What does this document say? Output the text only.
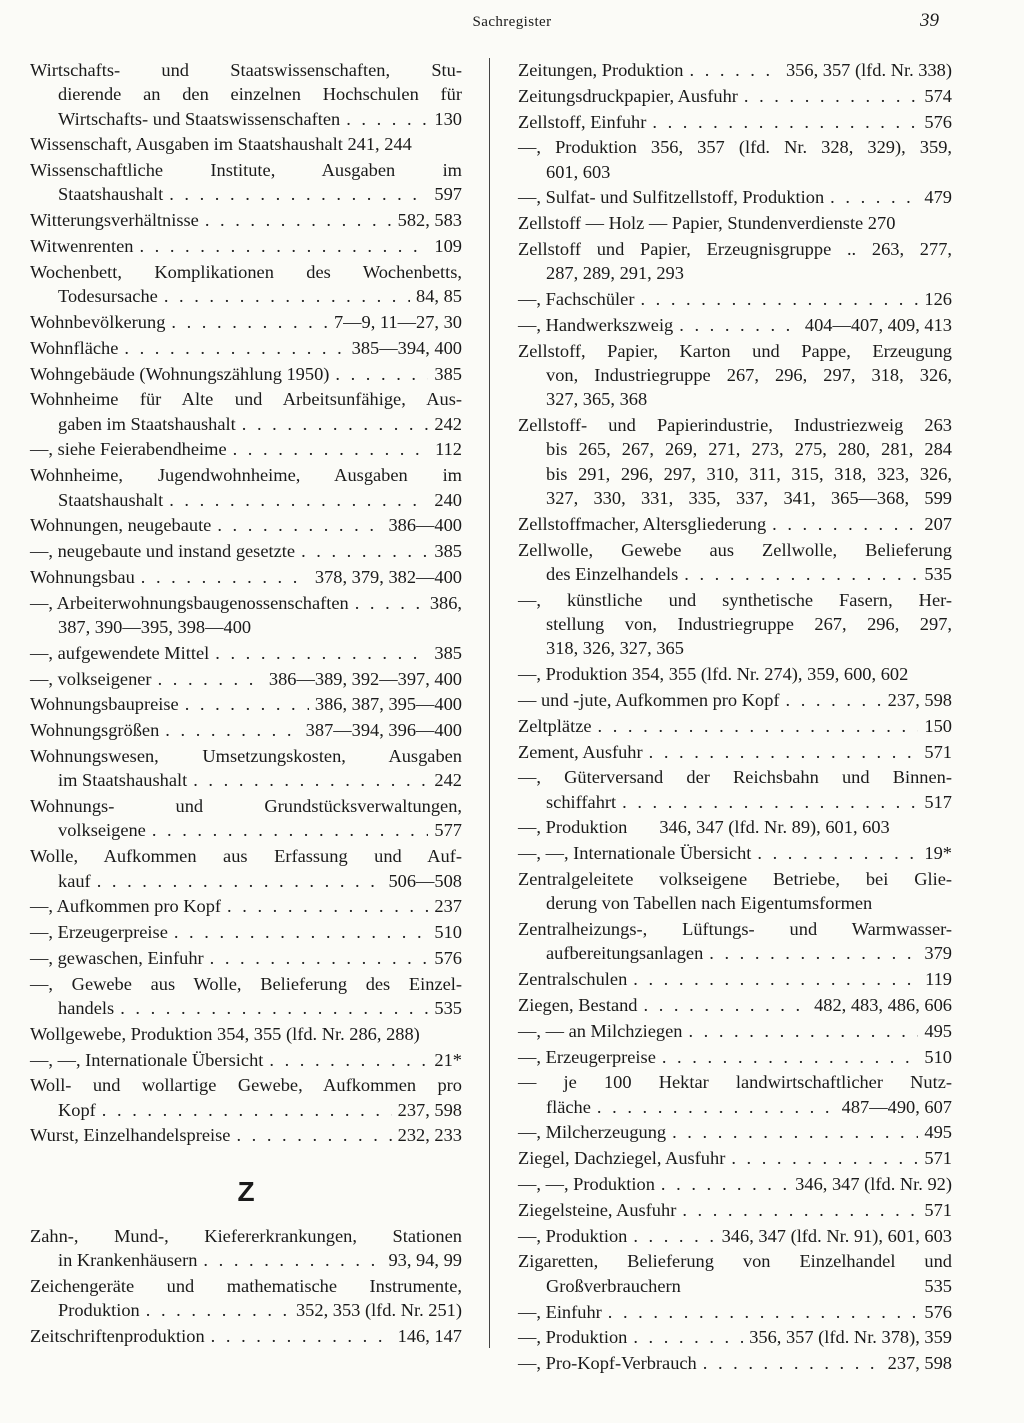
Sachregister	39
Wirtschafts- und Staatswissenschaften, Stu-
dierende an den einzelnen Hochschulen für
Wirtschafts- und Staatswissenschaften . . .	130
Wissenschaft, Ausgaben im Staatshaushalt 241, 244
Wissenschaftliche Institute, Ausgaben im
Staatshaushalt . . .	597
Witterungsverhältnisse . . .	582, 583
Witwenrenten . . .	109
Wochenbett, Komplikationen des Wochenbetts,
Todesursache . . .	84, 85
Wohnbevölkerung . . .	7—9, 11—27, 30
Wohnfläche . . .	385—394, 400
Wohngebäude (Wohnungszählung 1950) . . .	385
Wohnheime für Alte und Arbeitsunfähige, Aus-
gaben im Staatshaushalt . . .	242
—, siehe Feierabendheime . . .	112
Wohnheime, Jugendwohnheime, Ausgaben im
Staatshaushalt . . .	240
Wohnungen, neugebaute . . .	386—400
—, neugebaute und instand gesetzte . . .	385
Wohnungsbau . . .	378, 379, 382—400
—, Arbeiterwohnungsbaugenossenschaften . . .	386,
387, 390—395, 398—400
—, aufgewendete Mittel . . .	385
—, volkseigener . . .	386—389, 392—397, 400
Wohnungsbaupreise . . .	386, 387, 395—400
Wohnungsgrößen . . .	387—394, 396—400
Wohnungswesen, Umsetzungskosten, Ausgaben
im Staatshaushalt . . .	242
Wohnungs- und Grundstücksverwaltungen,
volkseigene . . .	577
Wolle, Aufkommen aus Erfassung und Auf-
kauf . . .	506—508
—, Aufkommen pro Kopf . . .	237
—, Erzeugerpreise . . .	510
—, gewaschen, Einfuhr . . .	576
—, Gewebe aus Wolle, Belieferung des Einzel-
handels . . .	535
Wollgewebe, Produktion 354, 355 (lfd. Nr. 286, 288)
—, —, Internationale Übersicht . . .	21*
Woll- und wollartige Gewebe, Aufkommen pro
Kopf . . .	237, 598
Wurst, Einzelhandelspreise . . .	232, 233
Z
Zahn-, Mund-, Kiefererkrankungen, Stationen
in Krankenhäusern . . .	93, 94, 99
Zeichengeräte und mathematische Instrumente,
Produktion . . .	352, 353 (lfd. Nr. 251)
Zeitschriftenproduktion . . .	146, 147
Zeitungen, Produktion . . .	356, 357 (lfd. Nr. 338)
Zeitungsdruckpapier, Ausfuhr . . .	574
Zellstoff, Einfuhr . . .	576
—, Produktion 356, 357 (lfd. Nr. 328, 329), 359,
601, 603
—, Sulfat- und Sulfitzellstoff, Produktion . . .	479
Zellstoff — Holz — Papier, Stundenverdienste 270
Zellstoff und Papier, Erzeugnisgruppe .. 263, 277,
287, 289, 291, 293
—, Fachschüler . . .	126
—, Handwerkszweig . . .	404—407, 409, 413
Zellstoff, Papier, Karton und Pappe, Erzeugung
von, Industriegruppe 267, 296, 297, 318, 326,
327, 365, 368
Zellstoff- und Papierindustrie, Industriezweig 263
bis 265, 267, 269, 271, 273, 275, 280, 281, 284
bis 291, 296, 297, 310, 311, 315, 318, 323, 326,
327, 330, 331, 335, 337, 341, 365—368, 599
Zellstoffmacher, Altersgliederung . . .	207
Zellwolle, Gewebe aus Zellwolle, Belieferung
des Einzelhandels . . .	535
—, künstliche und synthetische Fasern, Her-
stellung von, Industriegruppe 267, 296, 297,
318, 326, 327, 365
—, Produktion 354, 355 (lfd. Nr. 274), 359, 600, 602
— und -jute, Aufkommen pro Kopf . . .	237, 598
Zeltplätze . . .	150
Zement, Ausfuhr . . .	571
—, Güterversand der Reichsbahn und Binnen-
schiffahrt . . .	517
—, Produktion 346, 347 (lfd. Nr. 89), 601, 603
—, —, Internationale Übersicht . . .	19*
Zentralgeleitete volkseigene Betriebe, bei Glie-
derung von Tabellen nach Eigentumsformen
Zentralheizungs-, Lüftungs- und Warmwasser-
aufbereitungsanlagen . . .	379
Zentralschulen . . .	119
Ziegen, Bestand . . .	482, 483, 486, 606
—, — an Milchziegen . . .	495
—, Erzeugerpreise . . .	510
— je 100 Hektar landwirtschaftlicher Nutz-
fläche . . .	487—490, 607
—, Milcherzeugung . . .	495
Ziegel, Dachziegel, Ausfuhr . . .	571
—, —, Produktion . . .	346, 347 (lfd. Nr. 92)
Ziegelsteine, Ausfuhr . . .	571
—, Produktion . . .	346, 347 (lfd. Nr. 91), 601, 603
Zigaretten, Belieferung von Einzelhandel und
Großverbrauchern	535
—, Einfuhr . . .	576
—, Produktion . . .	356, 357 (lfd. Nr. 378), 359
—, Pro-Kopf-Verbrauch . . .	237, 598
